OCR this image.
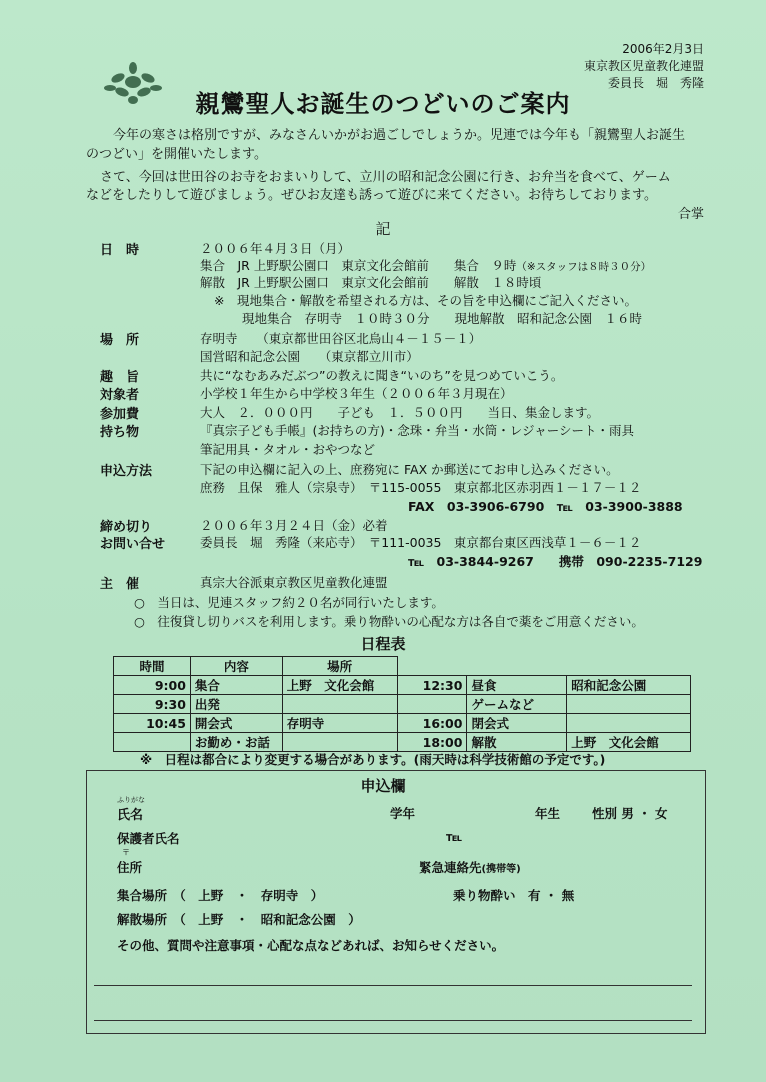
2006年2月3日
東京教区児童教化連盟
委員長　堀　秀隆
親鸞聖人お誕生のつどいのご案内
今年の寒さは格別ですが、みなさんいかがお過ごしでしょうか。児連では今年も「親鸞聖人お誕生
のつどい」を開催いたします。
さて、今回は世田谷のお寺をおまいりして、立川の昭和記念公園に行き、お弁当を食べて、ゲーム
などをしたりして遊びましょう。ぜひお友達も誘って遊びに来てください。お待ちしております。
合掌
記
日　時	２００６年４月３日（月）
集合　JR 上野駅公園口　東京文化会館前　　集合　９時（※スタッフは８時３０分）
解散　JR 上野駅公園口　東京文化会館前　　解散　１８時頃
※　現地集合・解散を希望される方は、その旨を申込欄にご記入ください。
現地集合　存明寺　１０時３０分　　現地解散　昭和記念公園　１６時
場　所	存明寺　　（東京都世田谷区北烏山４－１５－１）
国営昭和記念公園　　（東京都立川市）
趣　旨	共に“なむあみだぶつ”の教えに聞き“いのち”を見つめていこう。
対象者	小学校１年生から中学校３年生（２００６年３月現在）
参加費	大人　２．０００円　　子ども　１．５００円　　当日、集金します。
持ち物	『真宗子ども手帳』(お持ちの方)・念珠・弁当・水筒・レジャーシート・雨具
筆記用具・タオル・おやつなど
申込方法	下記の申込欄に記入の上、庶務宛に FAX か郵送にてお申し込みください。
庶務　且保　雅人（宗泉寺）　〒115-0055　東京都北区赤羽西１－１７－１２
FAX　03-3906-6790　℡　03-3900-3888
締め切り	２００６年３月２４日（金）必着
お問い合せ	委員長　堀　秀隆（来応寺）　〒111-0035　東京都台東区西浅草１－６－１２
℡　03-3844-9267　　携帯　090-2235-7129
主　催	真宗大谷派東京教区児童教化連盟
○　当日は、児連スタッフ約２０名が同行いたします。
○　往復貸し切りバスを利用します。乗り物酔いの心配な方は各自で薬をご用意ください。
日程表
時間	内容	場所			
9:00	集合	上野　文化会館	12:30	昼食	昭和記念公園
9:30	出発			ゲームなど	
10:45	開会式	存明寺	16:00	閉会式	
	お勤め・お話		18:00	解散	上野　文化会館
※　日程は都合により変更する場合があります。(雨天時は科学技術館の予定です。)
申込欄
ふりがな
氏名	学年	年生	性別 男 ・ 女
保護者氏名	℡
〒
住所	緊急連絡先(携帯等)
集合場所　（　上野　・　存明寺　）	乗り物酔い　有 ・ 無
解散場所　（　上野　・　昭和記念公園　）
その他、質問や注意事項・心配な点などあれば、お知らせください。
